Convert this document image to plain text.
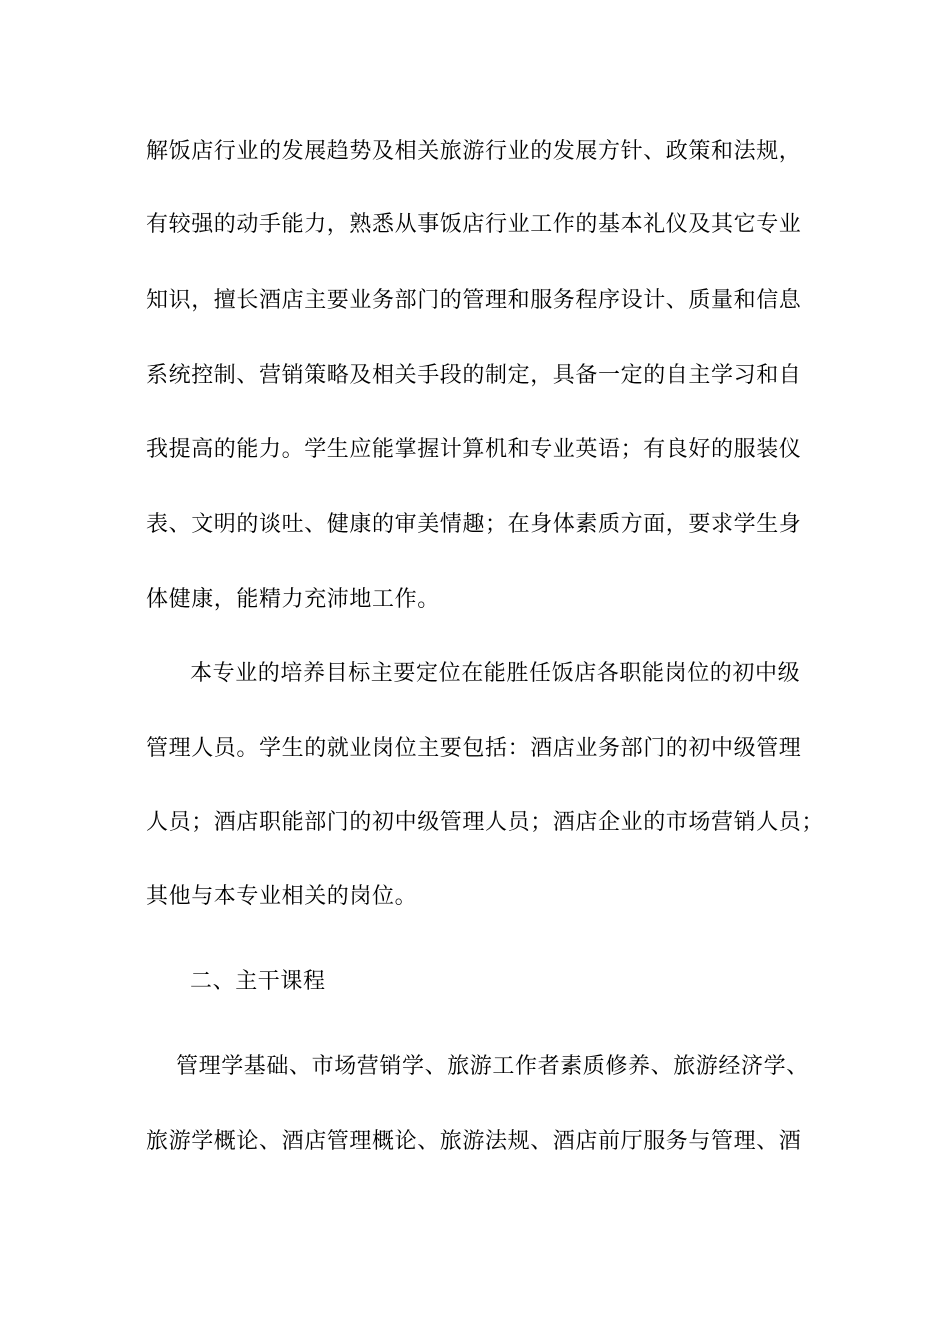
解饭店行业的发展趋势及相关旅游行业的发展方针、政策和法规，
有较强的动手能力，熟悉从事饭店行业工作的基本礼仪及其它专业
知识，擅长酒店主要业务部门的管理和服务程序设计、质量和信息
系统控制、营销策略及相关手段的制定，具备一定的自主学习和自
我提高的能力。学生应能掌握计算机和专业英语；有良好的服装仪
表、文明的谈吐、健康的审美情趣；在身体素质方面，要求学生身
体健康，能精力充沛地工作。
本专业的培养目标主要定位在能胜任饭店各职能岗位的初中级
管理人员。学生的就业岗位主要包括：酒店业务部门的初中级管理
人员；酒店职能部门的初中级管理人员；酒店企业的市场营销人员；
其他与本专业相关的岗位。
二、主干课程
管理学基础、市场营销学、旅游工作者素质修养、旅游经济学、
旅游学概论、酒店管理概论、旅游法规、酒店前厅服务与管理、酒
